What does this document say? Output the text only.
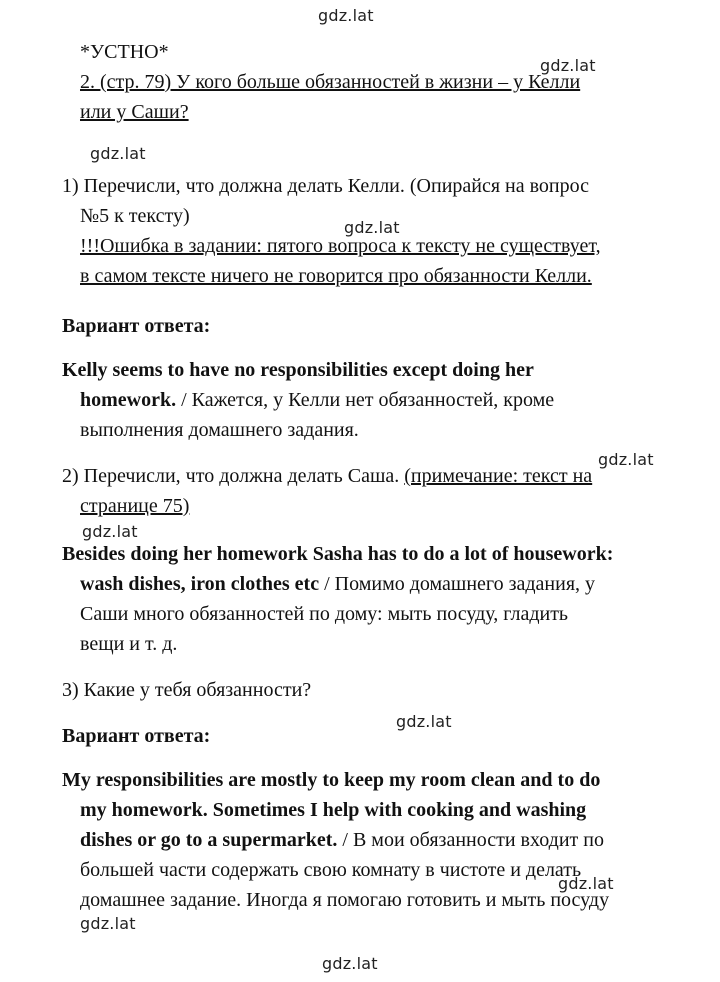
gdz.lat
gdz.lat
gdz.lat
gdz.lat
gdz.lat
gdz.lat
gdz.lat
gdz.lat
gdz.lat
gdz.lat
*УСТНО*
2. (стр. 79) У кого больше обязанностей в жизни – у Келли
или у Саши?
1) Перечисли, что должна делать Келли. (Опирайся на вопрос
№5 к тексту)
!!!Ошибка в задании: пятого вопроса к тексту не существует,
в самом тексте ничего не говорится про обязанности Келли.
Вариант ответа:
Kelly seems to have no responsibilities except doing her
homework. / Кажется, у Келли нет обязанностей, кроме
выполнения домашнего задания.
2) Перечисли, что должна делать Саша. (примечание: текст на
странице 75)
Besides doing her homework Sasha has to do a lot of housework:
wash dishes, iron clothes etc / Помимо домашнего задания, у
Саши много обязанностей по дому: мыть посуду, гладить
вещи и т. д.
3) Какие у тебя обязанности?
Вариант ответа:
My responsibilities are mostly to keep my room clean and to do
my homework. Sometimes I help with cooking and washing
dishes or go to a supermarket. / В мои обязанности входит по
большей части содержать свою комнату в чистоте и делать
домашнее задание. Иногда я помогаю готовить и мыть посуду
